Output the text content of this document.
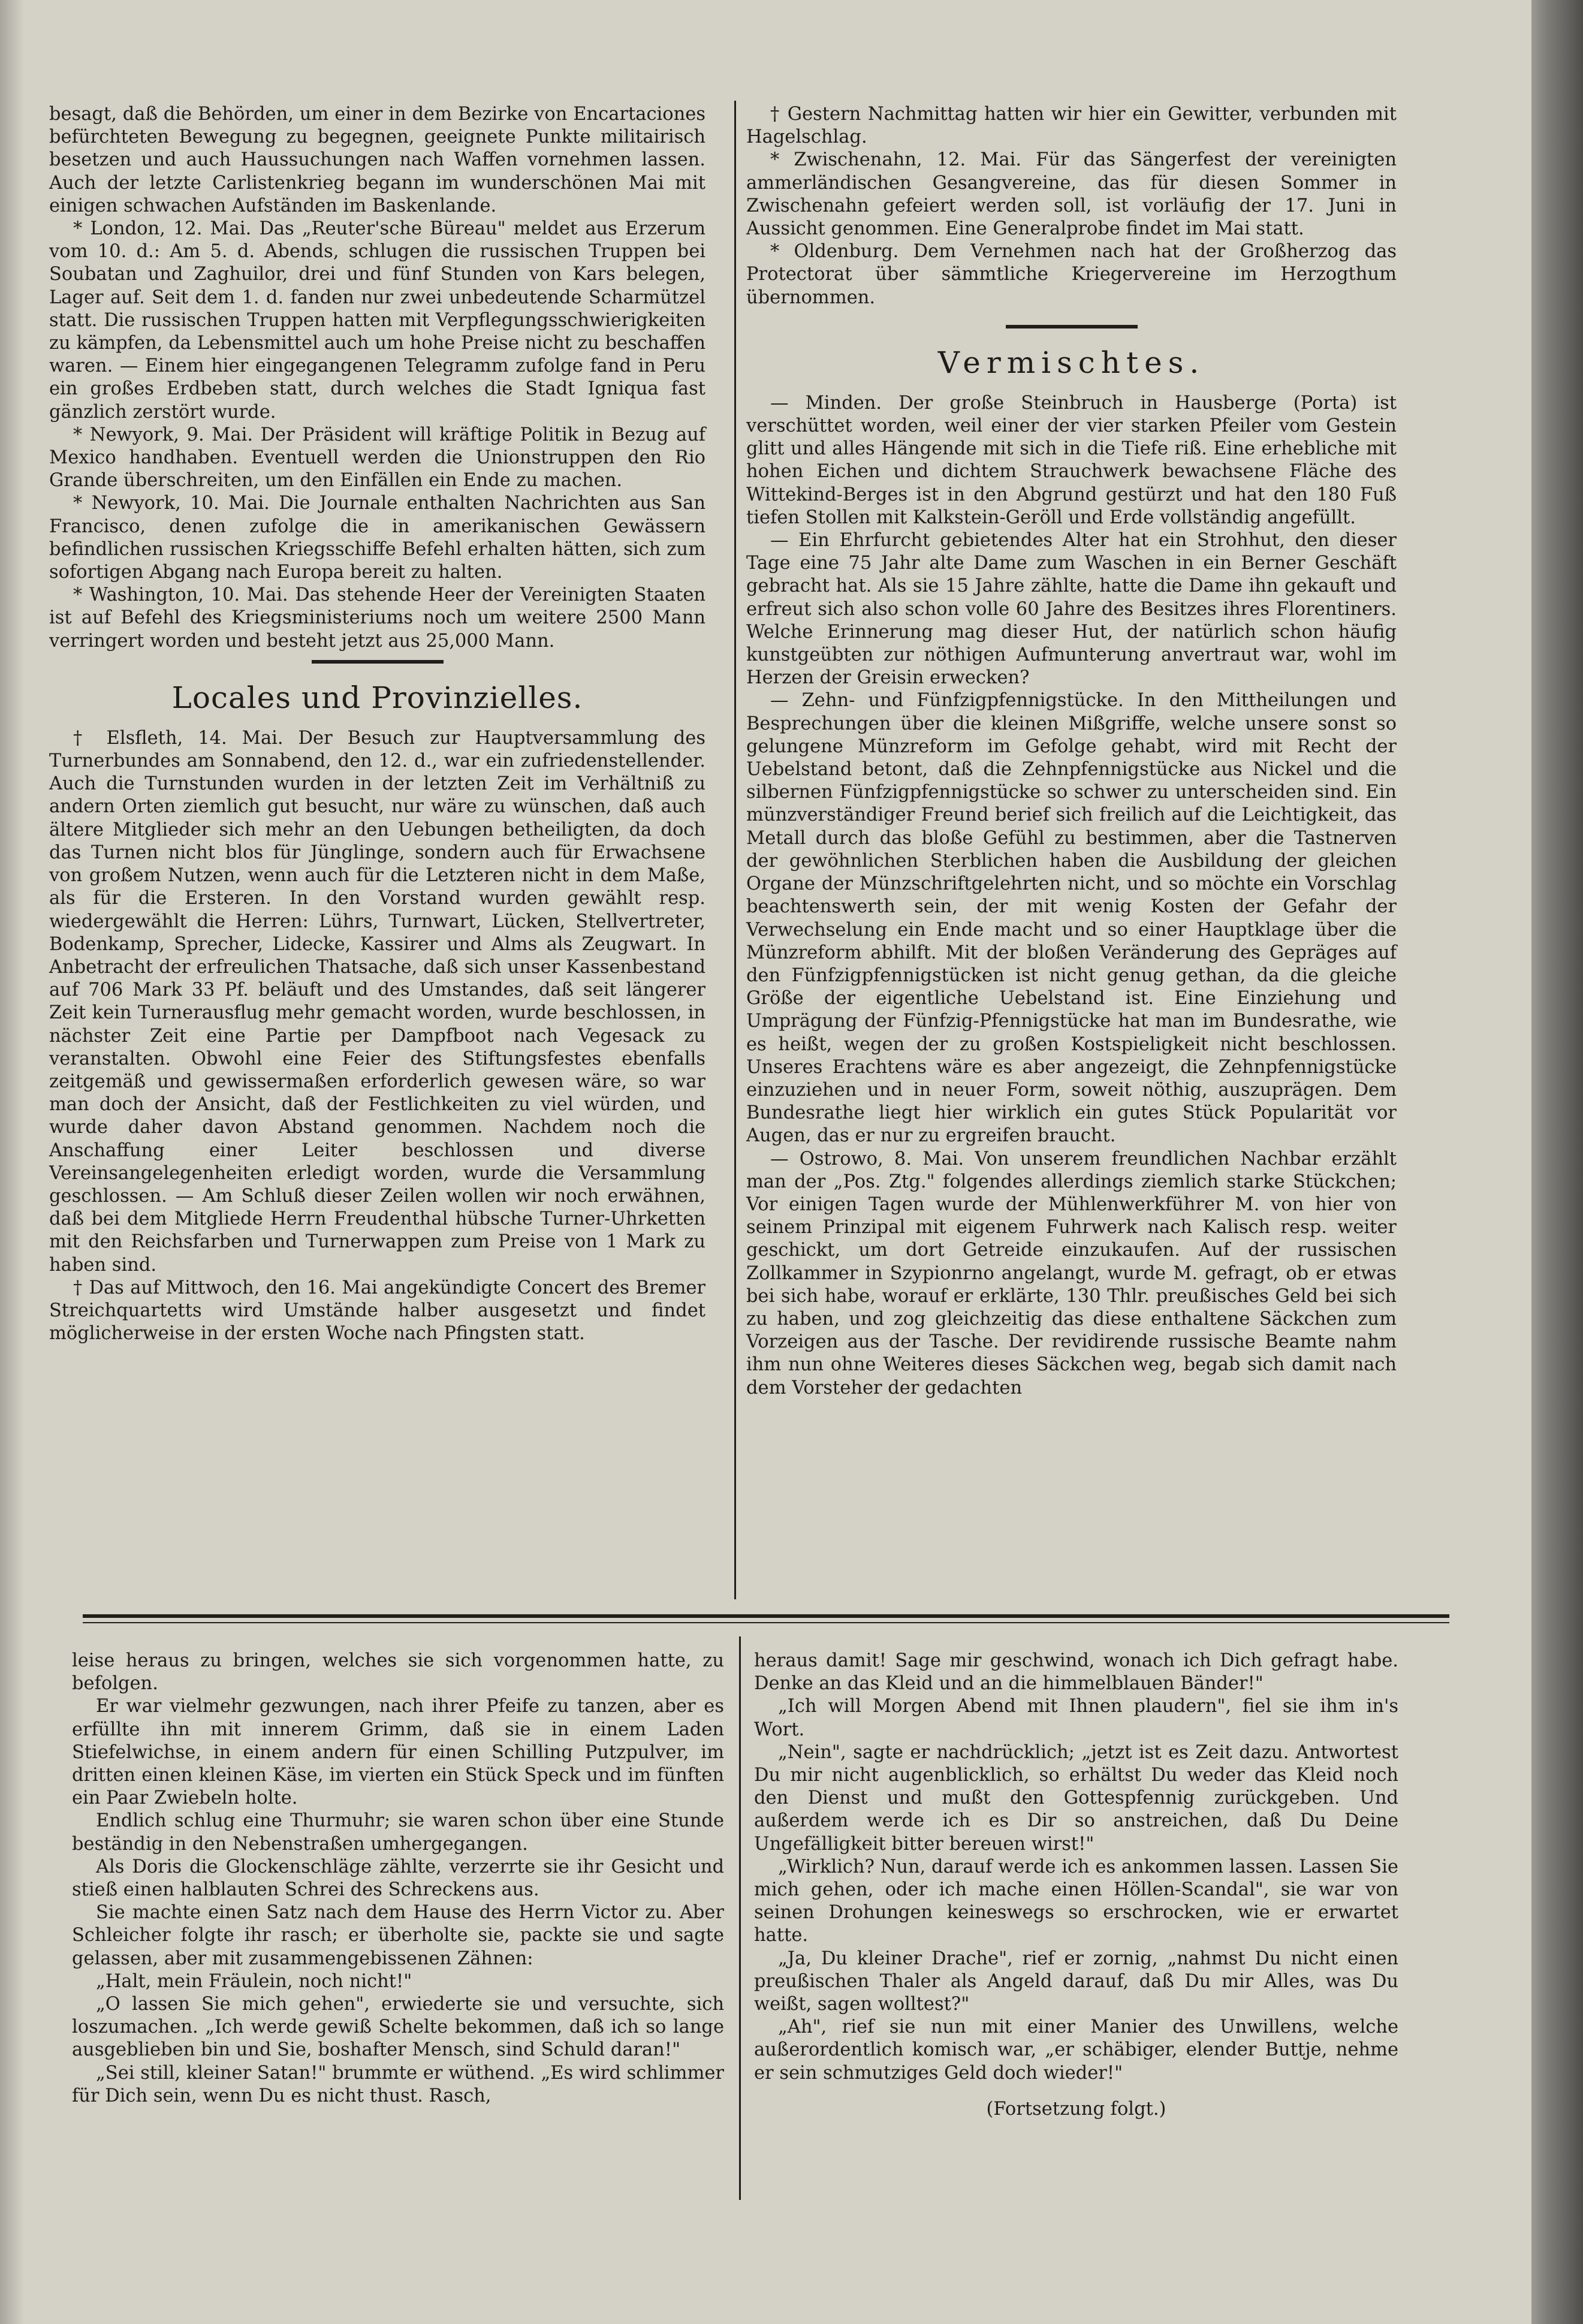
besagt, daß die Behörden, um einer in dem Bezirke von Encartaciones befürchteten Bewegung zu begegnen, geeignete Punkte militairisch besetzen und auch Haussuchungen nach Waffen vornehmen lassen. Auch der letzte Carlistenkrieg begann im wunderschönen Mai mit einigen schwachen Aufständen im Baskenlande.

* London, 12. Mai. Das „Reuter'sche Büreau" meldet aus Erzerum vom 10. d.: Am 5. d. Abends, schlugen die russischen Truppen bei Soubatan und Zaghuilor, drei und fünf Stunden von Kars belegen, Lager auf. Seit dem 1. d. fanden nur zwei unbedeutende Scharmützel statt. Die russischen Truppen hatten mit Verpflegungsschwierigkeiten zu kämpfen, da Lebensmittel auch um hohe Preise nicht zu beschaffen waren. — Einem hier eingegangenen Telegramm zufolge fand in Peru ein großes Erdbeben statt, durch welches die Stadt Igniqua fast gänzlich zerstört wurde.

* Newyork, 9. Mai. Der Präsident will kräftige Politik in Bezug auf Mexico handhaben. Eventuell werden die Unionstruppen den Rio Grande überschreiten, um den Einfällen ein Ende zu machen.

* Newyork, 10. Mai. Die Journale enthalten Nachrichten aus San Francisco, denen zufolge die in amerikanischen Gewässern befindlichen russischen Kriegsschiffe Befehl erhalten hätten, sich zum sofortigen Abgang nach Europa bereit zu halten.

* Washington, 10. Mai. Das stehende Heer der Vereinigten Staaten ist auf Befehl des Kriegsministeriums noch um weitere 2500 Mann verringert worden und besteht jetzt aus 25,000 Mann.

Locales und Provinzielles.

† Elsfleth, 14. Mai. Der Besuch zur Hauptversammlung des Turnerbundes am Sonnabend, den 12. d., war ein zufriedenstellender. Auch die Turnstunden wurden in der letzten Zeit im Verhältniß zu andern Orten ziemlich gut besucht, nur wäre zu wünschen, daß auch ältere Mitglieder sich mehr an den Uebungen betheiligten, da doch das Turnen nicht blos für Jünglinge, sondern auch für Erwachsene von großem Nutzen, wenn auch für die Letzteren nicht in dem Maße, als für die Ersteren. In den Vorstand wurden gewählt resp. wiedergewählt die Herren: Lührs, Turnwart, Lücken, Stellvertreter, Bodenkamp, Sprecher, Lidecke, Kassirer und Alms als Zeugwart. In Anbetracht der erfreulichen Thatsache, daß sich unser Kassenbestand auf 706 Mark 33 Pf. beläuft und des Umstandes, daß seit längerer Zeit kein Turnerausflug mehr gemacht worden, wurde beschlossen, in nächster Zeit eine Partie per Dampfboot nach Vegesack zu veranstalten. Obwohl eine Feier des Stiftungsfestes ebenfalls zeitgemäß und gewissermaßen erforderlich gewesen wäre, so war man doch der Ansicht, daß der Festlichkeiten zu viel würden, und wurde daher davon Abstand genommen. Nachdem noch die Anschaffung einer Leiter beschlossen und diverse Vereinsangelegenheiten erledigt worden, wurde die Versammlung geschlossen. — Am Schluß dieser Zeilen wollen wir noch erwähnen, daß bei dem Mitgliede Herrn Freudenthal hübsche Turner-Uhrketten mit den Reichsfarben und Turnerwappen zum Preise von 1 Mark zu haben sind.

† Das auf Mittwoch, den 16. Mai angekündigte Concert des Bremer Streichquartetts wird Umstände halber ausgesetzt und findet möglicherweise in der ersten Woche nach Pfingsten statt.

† Gestern Nachmittag hatten wir hier ein Gewitter, verbunden mit Hagelschlag.

* Zwischenahn, 12. Mai. Für das Sängerfest der vereinigten ammerländischen Gesangvereine, das für diesen Sommer in Zwischenahn gefeiert werden soll, ist vorläufig der 17. Juni in Aussicht genommen. Eine Generalprobe findet im Mai statt.

* Oldenburg. Dem Vernehmen nach hat der Großherzog das Protectorat über sämmtliche Kriegervereine im Herzogthum übernommen.

Vermischtes.

— Minden. Der große Steinbruch in Hausberge (Porta) ist verschüttet worden, weil einer der vier starken Pfeiler vom Gestein glitt und alles Hängende mit sich in die Tiefe riß. Eine erhebliche mit hohen Eichen und dichtem Strauchwerk bewachsene Fläche des Wittekind-Berges ist in den Abgrund gestürzt und hat den 180 Fuß tiefen Stollen mit Kalkstein-Geröll und Erde vollständig angefüllt.

— Ein Ehrfurcht gebietendes Alter hat ein Strohhut, den dieser Tage eine 75 Jahr alte Dame zum Waschen in ein Berner Geschäft gebracht hat. Als sie 15 Jahre zählte, hatte die Dame ihn gekauft und erfreut sich also schon volle 60 Jahre des Besitzes ihres Florentiners. Welche Erinnerung mag dieser Hut, der natürlich schon häufig kunstgeübten zur nöthigen Aufmunterung anvertraut war, wohl im Herzen der Greisin erwecken?

— Zehn- und Fünfzigpfennigstücke. In den Mittheilungen und Besprechungen über die kleinen Mißgriffe, welche unsere sonst so gelungene Münzreform im Gefolge gehabt, wird mit Recht der Uebelstand betont, daß die Zehnpfennigstücke aus Nickel und die silbernen Fünfzigpfennigstücke so schwer zu unterscheiden sind. Ein münzverständiger Freund berief sich freilich auf die Leichtigkeit, das Metall durch das bloße Gefühl zu bestimmen, aber die Tastnerven der gewöhnlichen Sterblichen haben die Ausbildung der gleichen Organe der Münzschriftgelehrten nicht, und so möchte ein Vorschlag beachtenswerth sein, der mit wenig Kosten der Gefahr der Verwechselung ein Ende macht und so einer Hauptklage über die Münzreform abhilft. Mit der bloßen Veränderung des Gepräges auf den Fünfzigpfennigstücken ist nicht genug gethan, da die gleiche Größe der eigentliche Uebelstand ist. Eine Einziehung und Umprägung der Fünfzig-Pfennigstücke hat man im Bundesrathe, wie es heißt, wegen der zu großen Kostspieligkeit nicht beschlossen. Unseres Erachtens wäre es aber angezeigt, die Zehnpfennigstücke einzuziehen und in neuer Form, soweit nöthig, auszuprägen. Dem Bundesrathe liegt hier wirklich ein gutes Stück Popularität vor Augen, das er nur zu ergreifen braucht.

— Ostrowo, 8. Mai. Von unserem freundlichen Nachbar erzählt man der „Pos. Ztg." folgendes allerdings ziemlich starke Stückchen; Vor einigen Tagen wurde der Mühlenwerkführer M. von hier von seinem Prinzipal mit eigenem Fuhrwerk nach Kalisch resp. weiter geschickt, um dort Getreide einzukaufen. Auf der russischen Zollkammer in Szypionrno angelangt, wurde M. gefragt, ob er etwas bei sich habe, worauf er erklärte, 130 Thlr. preußisches Geld bei sich zu haben, und zog gleichzeitig das diese enthaltene Säckchen zum Vorzeigen aus der Tasche. Der revidirende russische Beamte nahm ihm nun ohne Weiteres dieses Säckchen weg, begab sich damit nach dem Vorsteher der gedachten

leise heraus zu bringen, welches sie sich vorgenommen hatte, zu befolgen.

Er war vielmehr gezwungen, nach ihrer Pfeife zu tanzen, aber es erfüllte ihn mit innerem Grimm, daß sie in einem Laden Stiefelwichse, in einem andern für einen Schilling Putzpulver, im dritten einen kleinen Käse, im vierten ein Stück Speck und im fünften ein Paar Zwiebeln holte.

Endlich schlug eine Thurmuhr; sie waren schon über eine Stunde beständig in den Nebenstraßen umhergegangen.

Als Doris die Glockenschläge zählte, verzerrte sie ihr Gesicht und stieß einen halblauten Schrei des Schreckens aus.

Sie machte einen Satz nach dem Hause des Herrn Victor zu. Aber Schleicher folgte ihr rasch; er überholte sie, packte sie und sagte gelassen, aber mit zusammengebissenen Zähnen:

„Halt, mein Fräulein, noch nicht!"

„O lassen Sie mich gehen", erwiederte sie und versuchte, sich loszumachen. „Ich werde gewiß Schelte bekommen, daß ich so lange ausgeblieben bin und Sie, boshafter Mensch, sind Schuld daran!"

„Sei still, kleiner Satan!" brummte er wüthend. „Es wird schlimmer für Dich sein, wenn Du es nicht thust. Rasch,

heraus damit! Sage mir geschwind, wonach ich Dich gefragt habe. Denke an das Kleid und an die himmelblauen Bänder!"

„Ich will Morgen Abend mit Ihnen plaudern", fiel sie ihm in's Wort.

„Nein", sagte er nachdrücklich; „jetzt ist es Zeit dazu. Antwortest Du mir nicht augenblicklich, so erhältst Du weder das Kleid noch den Dienst und mußt den Gottespfennig zurückgeben. Und außerdem werde ich es Dir so anstreichen, daß Du Deine Ungefälligkeit bitter bereuen wirst!"

„Wirklich? Nun, darauf werde ich es ankommen lassen. Lassen Sie mich gehen, oder ich mache einen Höllen-Scandal", sie war von seinen Drohungen keineswegs so erschrocken, wie er erwartet hatte.

„Ja, Du kleiner Drache", rief er zornig, „nahmst Du nicht einen preußischen Thaler als Angeld darauf, daß Du mir Alles, was Du weißt, sagen wolltest?"

„Ah", rief sie nun mit einer Manier des Unwillens, welche außerordentlich komisch war, „er schäbiger, elender Buttje, nehme er sein schmutziges Geld doch wieder!"

(Fortsetzung folgt.)
